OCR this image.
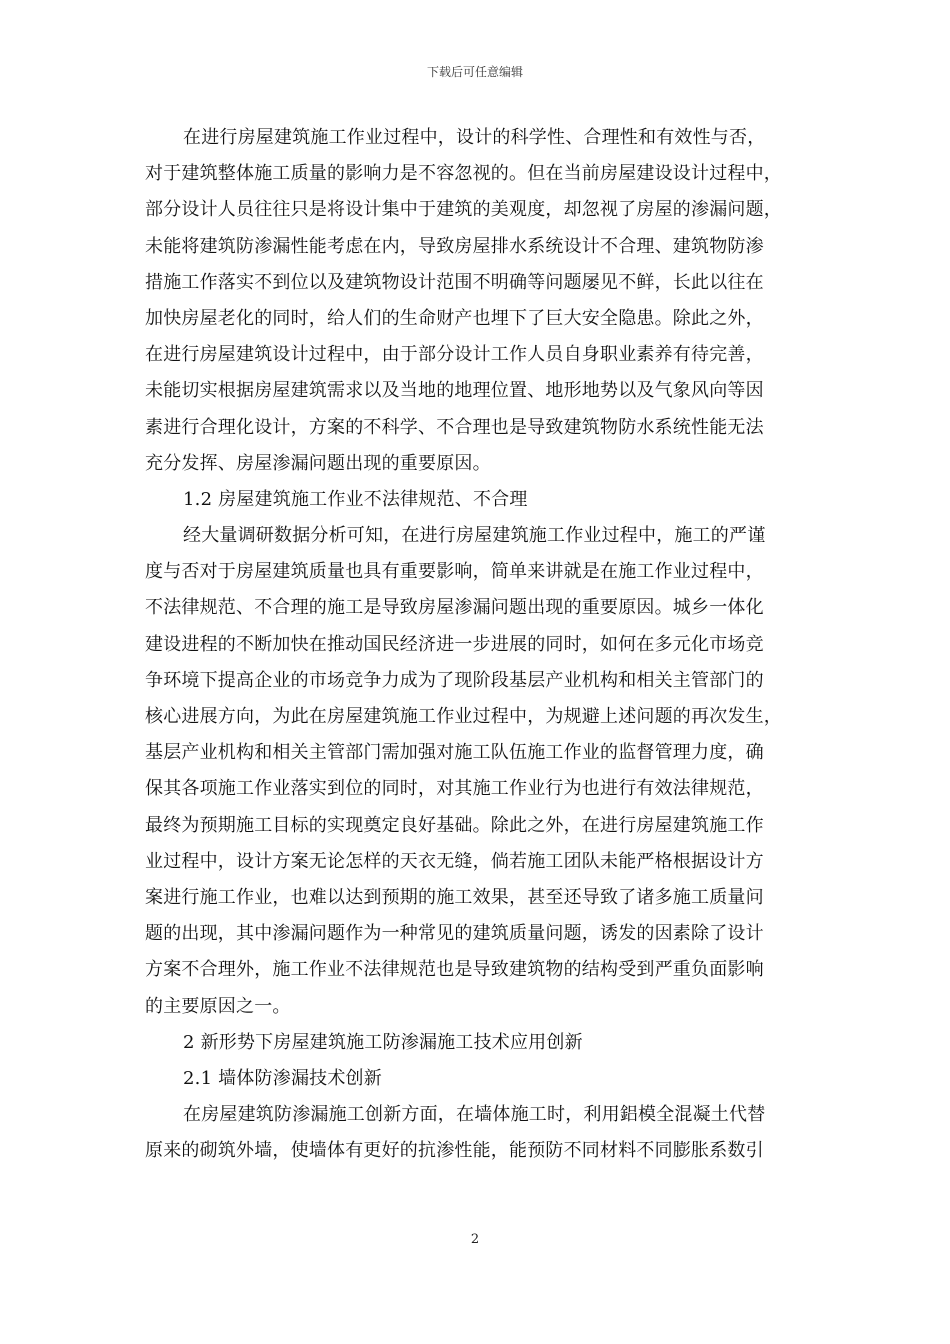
下载后可任意编辑
在进行房屋建筑施工作业过程中，设计的科学性、合理性和有效性与否，
对于建筑整体施工质量的影响力是不容忽视的。但在当前房屋建设设计过程中，
部分设计人员往往只是将设计集中于建筑的美观度，却忽视了房屋的渗漏问题，
未能将建筑防渗漏性能考虑在内，导致房屋排水系统设计不合理、建筑物防渗
措施工作落实不到位以及建筑物设计范围不明确等问题屡见不鲜，长此以往在
加快房屋老化的同时，给人们的生命财产也埋下了巨大安全隐患。除此之外，
在进行房屋建筑设计过程中，由于部分设计工作人员自身职业素养有待完善，
未能切实根据房屋建筑需求以及当地的地理位置、地形地势以及气象风向等因
素进行合理化设计，方案的不科学、不合理也是导致建筑物防水系统性能无法
充分发挥、房屋渗漏问题出现的重要原因。
1.2 房屋建筑施工作业不法律规范、不合理
经大量调研数据分析可知，在进行房屋建筑施工作业过程中，施工的严谨
度与否对于房屋建筑质量也具有重要影响，简单来讲就是在施工作业过程中，
不法律规范、不合理的施工是导致房屋渗漏问题出现的重要原因。城乡一体化
建设进程的不断加快在推动国民经济进一步进展的同时，如何在多元化市场竞
争环境下提高企业的市场竞争力成为了现阶段基层产业机构和相关主管部门的
核心进展方向，为此在房屋建筑施工作业过程中，为规避上述问题的再次发生，
基层产业机构和相关主管部门需加强对施工队伍施工作业的监督管理力度，确
保其各项施工作业落实到位的同时，对其施工作业行为也进行有效法律规范，
最终为预期施工目标的实现奠定良好基础。除此之外，在进行房屋建筑施工作
业过程中，设计方案无论怎样的天衣无缝，倘若施工团队未能严格根据设计方
案进行施工作业，也难以达到预期的施工效果，甚至还导致了诸多施工质量问
题的出现，其中渗漏问题作为一种常见的建筑质量问题，诱发的因素除了设计
方案不合理外，施工作业不法律规范也是导致建筑物的结构受到严重负面影响
的主要原因之一。
2 新形势下房屋建筑施工防渗漏施工技术应用创新
2.1 墙体防渗漏技术创新
在房屋建筑防渗漏施工创新方面，在墙体施工时，利用鋁模全混凝土代替
原来的砌筑外墙，使墙体有更好的抗渗性能，能预防不同材料不同膨胀系数引
2
